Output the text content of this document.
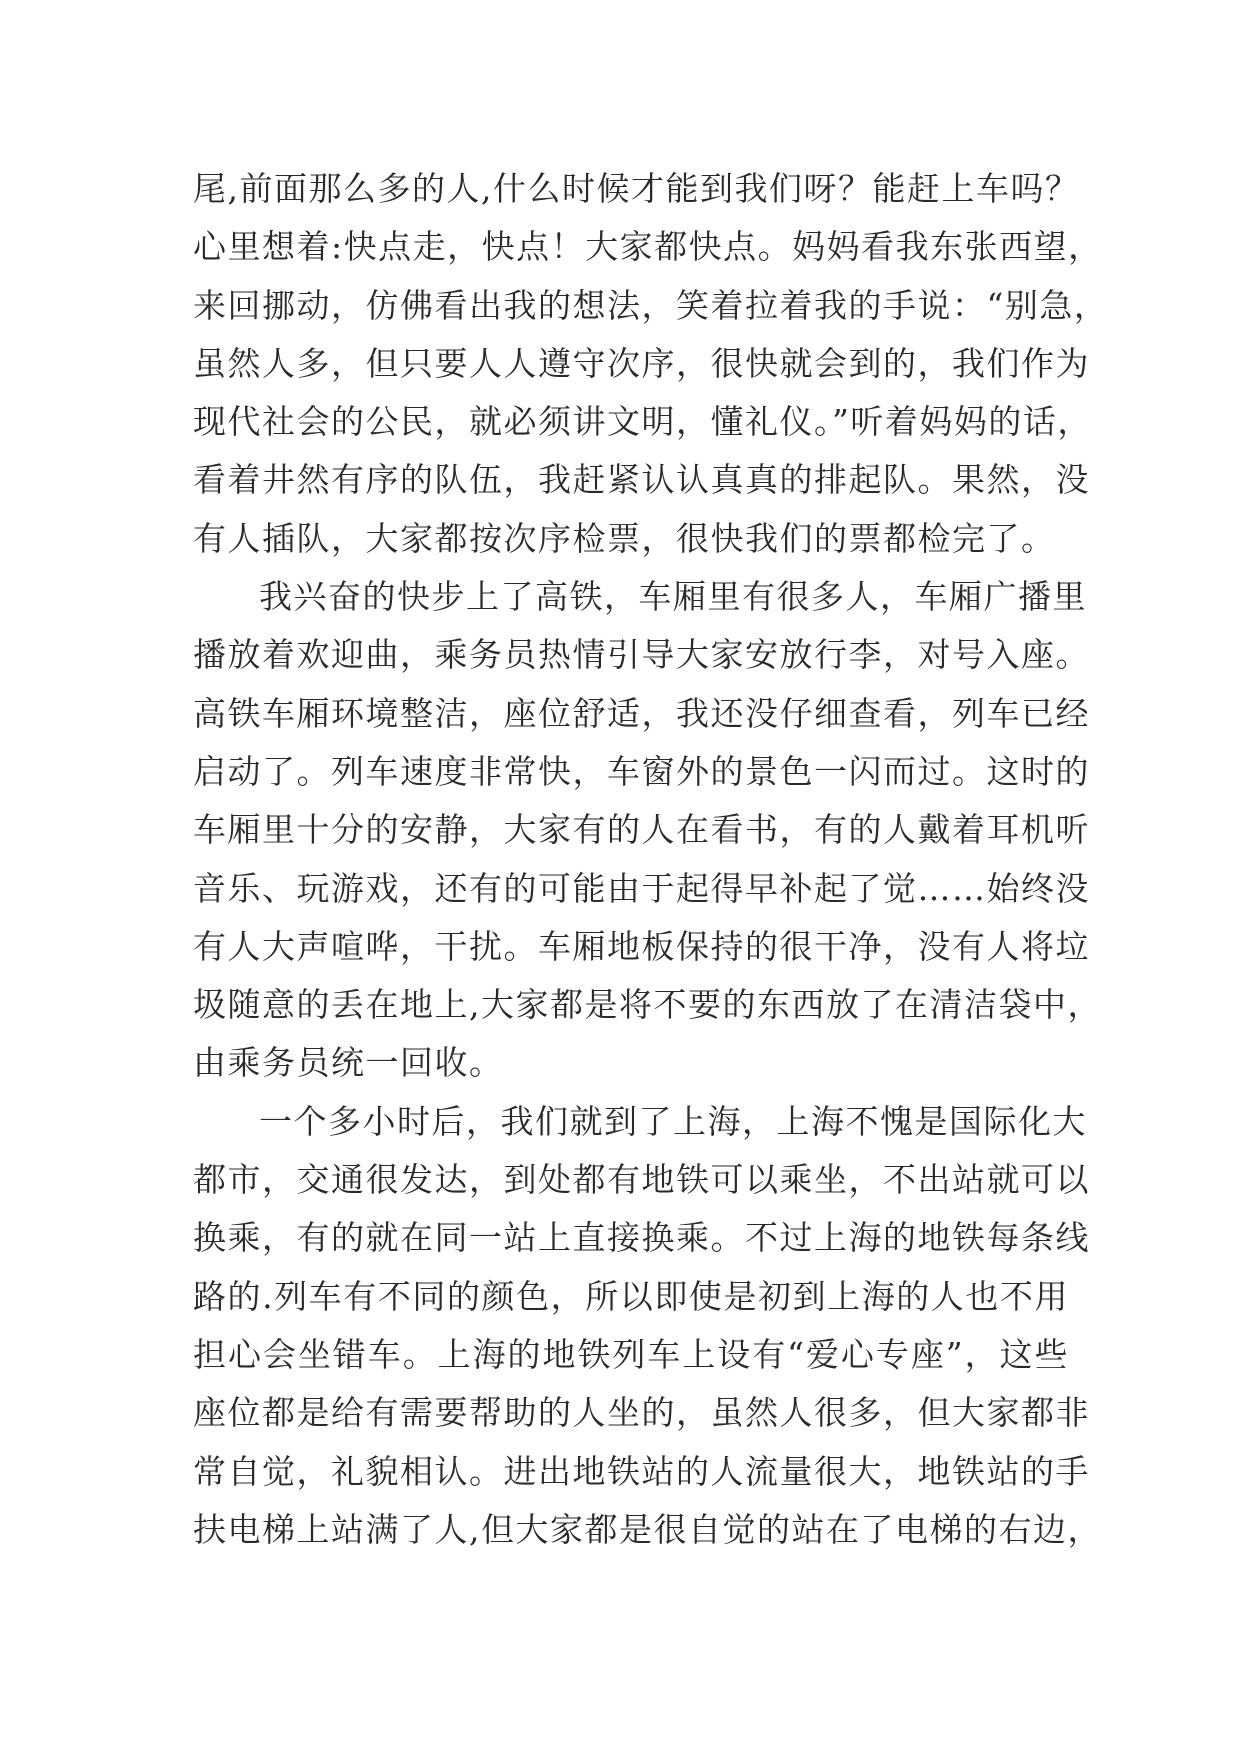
尾,前面那么多的人,什么时候才能到我们呀？能赶上车吗？
心里想着:快点走，快点！大家都快点。妈妈看我东张西望，
来回挪动，仿佛看出我的想法，笑着拉着我的手说：“别急，
虽然人多，但只要人人遵守次序，很快就会到的，我们作为
现代社会的公民，就必须讲文明，懂礼仪。”听着妈妈的话，
看着井然有序的队伍，我赶紧认认真真的排起队。果然，没
有人插队，大家都按次序检票，很快我们的票都检完了。

我兴奋的快步上了高铁，车厢里有很多人，车厢广播里
播放着欢迎曲，乘务员热情引导大家安放行李，对号入座。
高铁车厢环境整洁，座位舒适，我还没仔细查看，列车已经
启动了。列车速度非常快，车窗外的景色一闪而过。这时的
车厢里十分的安静，大家有的人在看书，有的人戴着耳机听
音乐、玩游戏，还有的可能由于起得早补起了觉……始终没
有人大声喧哗，干扰。车厢地板保持的很干净，没有人将垃
圾随意的丢在地上,大家都是将不要的东西放了在清洁袋中，
由乘务员统一回收。

一个多小时后，我们就到了上海，上海不愧是国际化大
都市，交通很发达，到处都有地铁可以乘坐，不出站就可以
换乘，有的就在同一站上直接换乘。不过上海的地铁每条线
路的.列车有不同的颜色，所以即使是初到上海的人也不用
担心会坐错车。上海的地铁列车上设有“爱心专座”，这些
座位都是给有需要帮助的人坐的，虽然人很多，但大家都非
常自觉，礼貌相认。进出地铁站的人流量很大，地铁站的手
扶电梯上站满了人,但大家都是很自觉的站在了电梯的右边，
